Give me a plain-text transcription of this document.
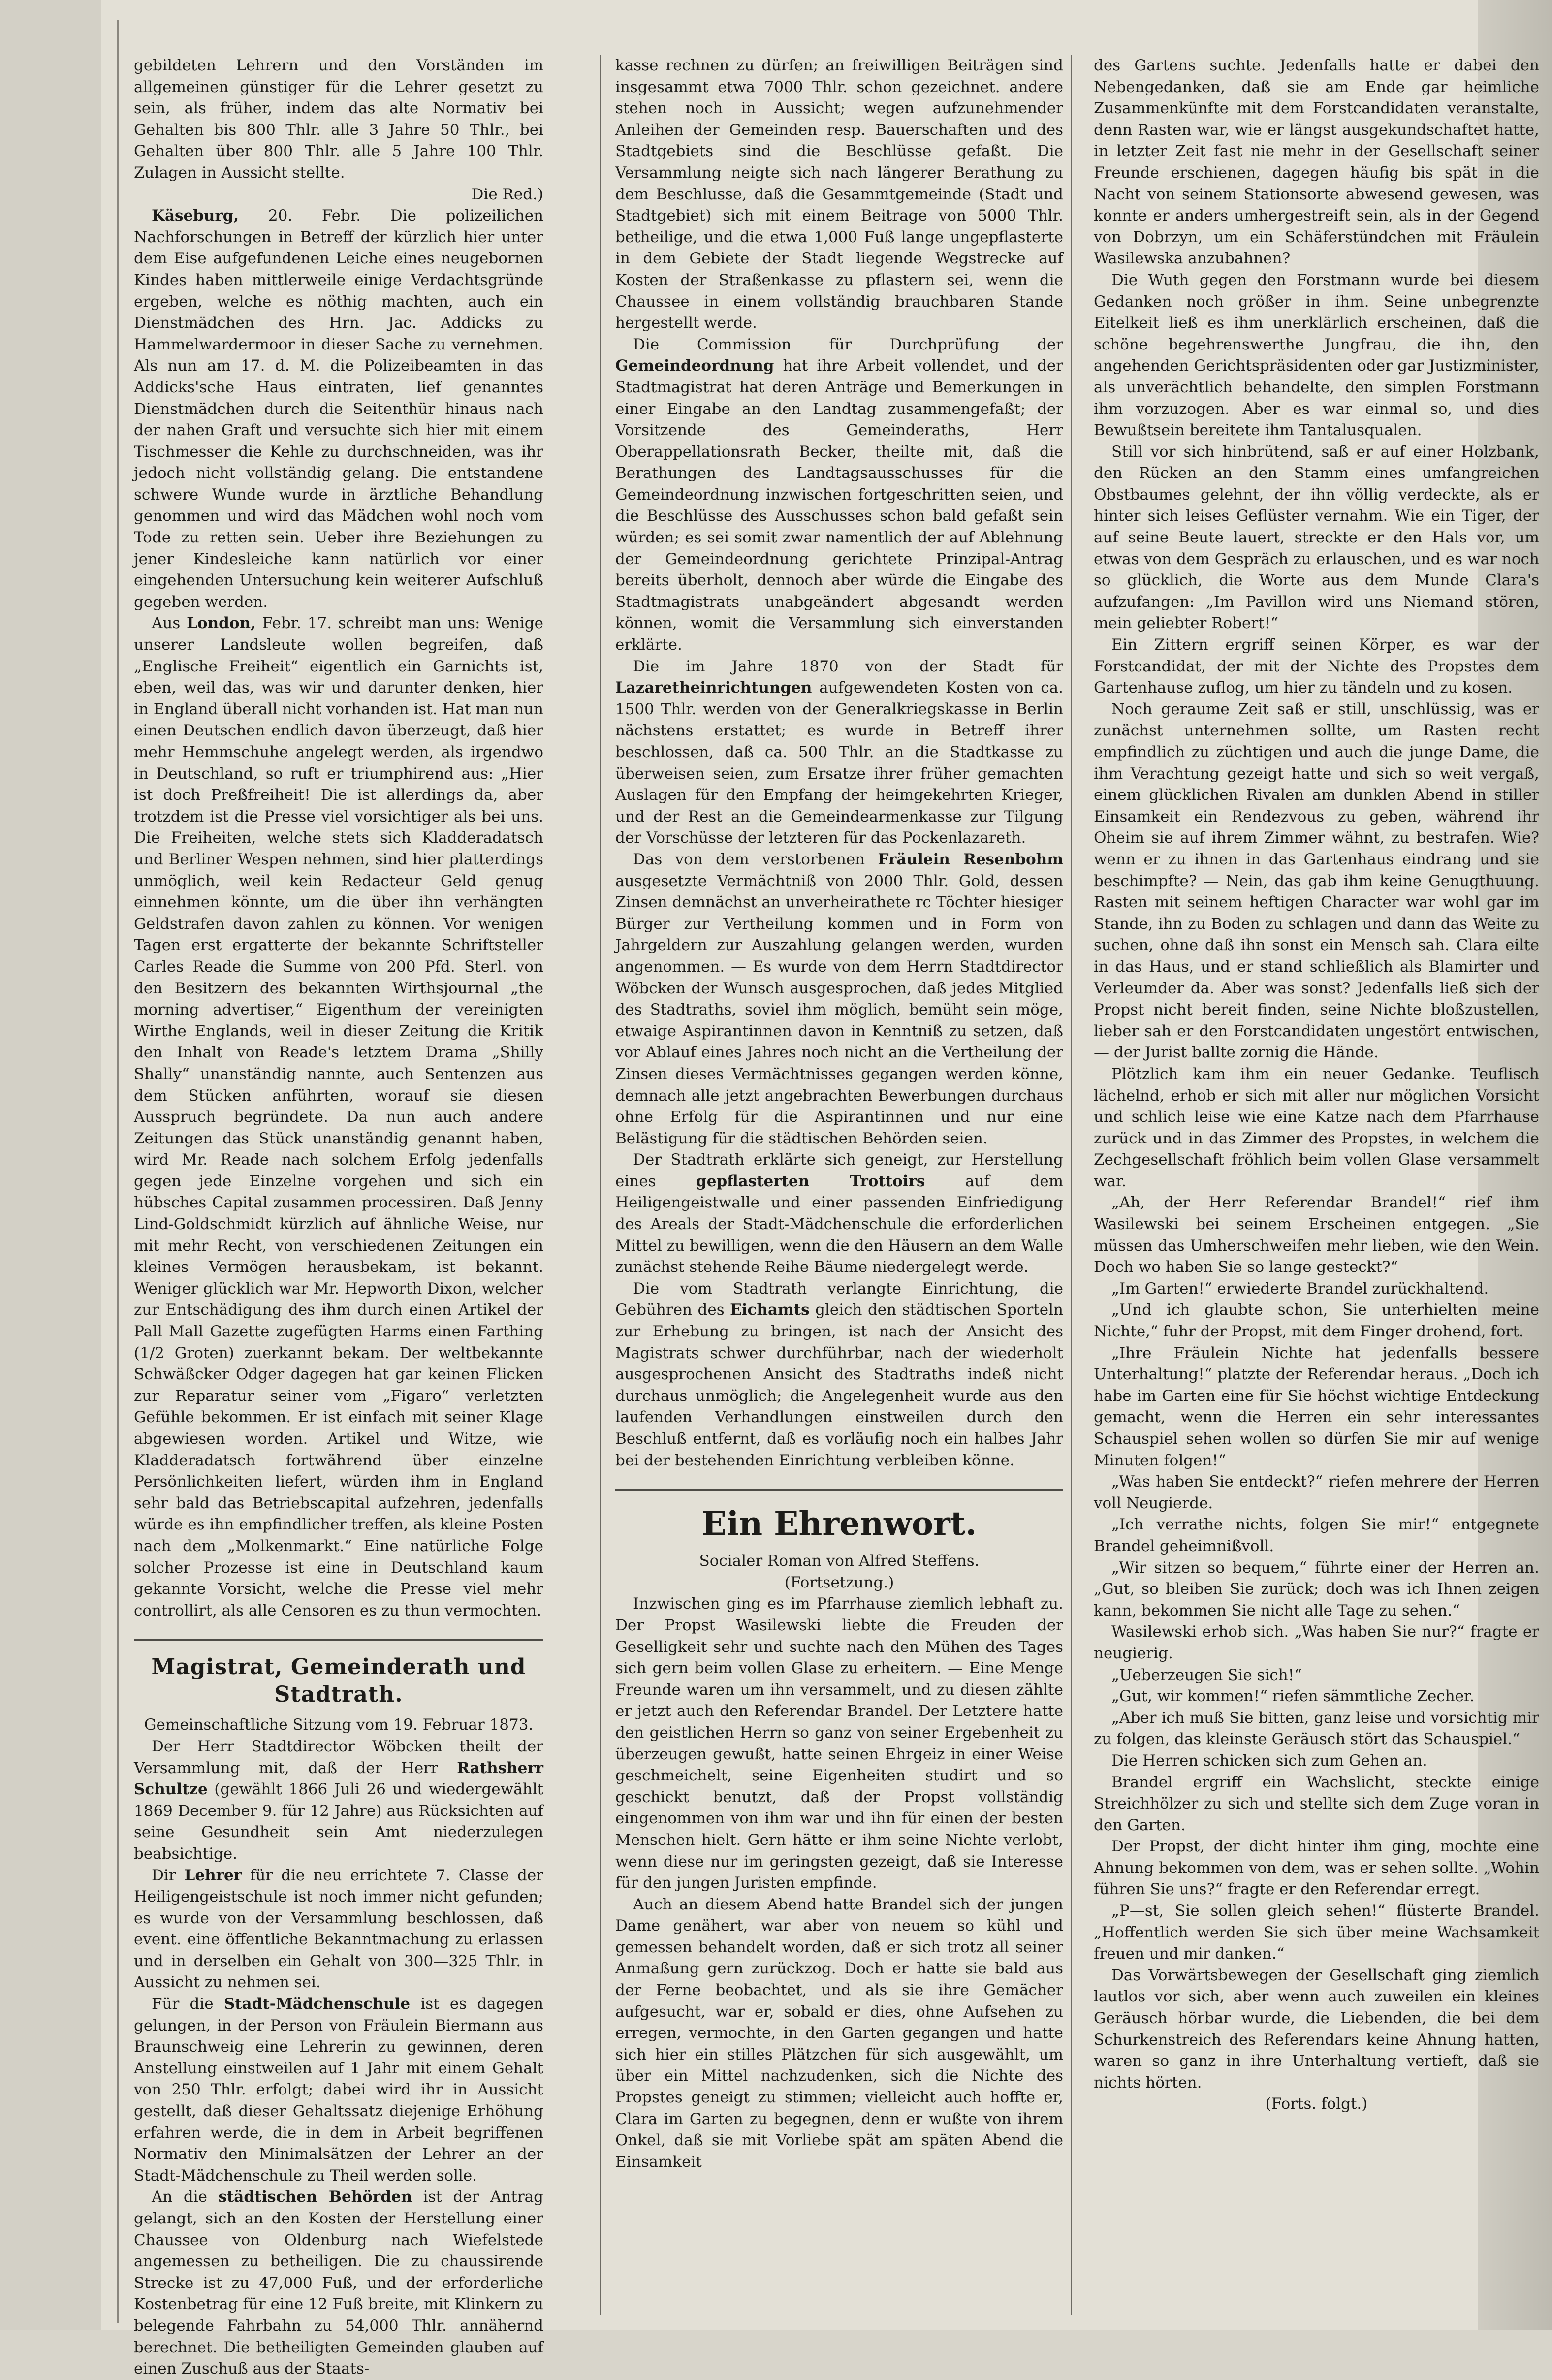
gebildeten Lehrern und den Vorständen im allgemeinen günstiger für die Lehrer gesetzt zu sein, als früher, indem das alte Normativ bei Gehalten bis 800 Thlr. alle 3 Jahre 50 Thlr., bei Gehalten über 800 Thlr. alle 5 Jahre 100 Thlr. Zulagen in Aussicht stellte.

Die Red.)

Käseburg, 20. Febr. Die polizeilichen Nachforschungen in Betreff der kürzlich hier unter dem Eise aufgefundenen Leiche eines neugebornen Kindes haben mittlerweile einige Verdachtsgründe ergeben, welche es nöthig machten, auch ein Dienstmädchen des Hrn. Jac. Addicks zu Hammelwardermoor in dieser Sache zu vernehmen. Als nun am 17. d. M. die Polizeibeamten in das Addicks'sche Haus eintraten, lief genanntes Dienstmädchen durch die Seitenthür hinaus nach der nahen Graft und versuchte sich hier mit einem Tischmesser die Kehle zu durchschneiden, was ihr jedoch nicht vollständig gelang. Die entstandene schwere Wunde wurde in ärztliche Behandlung genommen und wird das Mädchen wohl noch vom Tode zu retten sein. Ueber ihre Beziehungen zu jener Kindesleiche kann natürlich vor einer eingehenden Untersuchung kein weiterer Aufschluß gegeben werden.

Aus London, Febr. 17. schreibt man uns: Wenige unserer Landsleute wollen begreifen, daß „Englische Freiheit“ eigentlich ein Garnichts ist, eben, weil das, was wir und darunter denken, hier in England überall nicht vorhanden ist. Hat man nun einen Deutschen endlich davon überzeugt, daß hier mehr Hemmschuhe angelegt werden, als irgendwo in Deutschland, so ruft er triumphirend aus: „Hier ist doch Preßfreiheit! Die ist allerdings da, aber trotzdem ist die Presse viel vorsichtiger als bei uns. Die Freiheiten, welche stets sich Kladderadatsch und Berliner Wespen nehmen, sind hier platterdings unmöglich, weil kein Redacteur Geld genug einnehmen könnte, um die über ihn verhängten Geldstrafen davon zahlen zu können. Vor wenigen Tagen erst ergatterte der bekannte Schriftsteller Carles Reade die Summe von 200 Pfd. Sterl. von den Besitzern des bekannten Wirthsjournal „the morning advertiser,“ Eigenthum der vereinigten Wirthe Englands, weil in dieser Zeitung die Kritik den Inhalt von Reade's letztem Drama „Shilly Shally“ unanständig nannte, auch Sentenzen aus dem Stücken anführten, worauf sie diesen Ausspruch begründete. Da nun auch andere Zeitungen das Stück unanständig genannt haben, wird Mr. Reade nach solchem Erfolg jedenfalls gegen jede Einzelne vorgehen und sich ein hübsches Capital zusammen processiren. Daß Jenny Lind-Goldschmidt kürzlich auf ähnliche Weise, nur mit mehr Recht, von verschiedenen Zeitungen ein kleines Vermögen herausbekam, ist bekannt. Weniger glücklich war Mr. Hepworth Dixon, welcher zur Entschädigung des ihm durch einen Artikel der Pall Mall Gazette zugefügten Harms einen Farthing (1/2 Groten) zuerkannt bekam. Der weltbekannte Schwäßcker Odger dagegen hat gar keinen Flicken zur Reparatur seiner vom „Figaro“ verletzten Gefühle bekommen. Er ist einfach mit seiner Klage abgewiesen worden. Artikel und Witze, wie Kladderadatsch fortwährend über einzelne Persönlichkeiten liefert, würden ihm in England sehr bald das Betriebscapital aufzehren, jedenfalls würde es ihn empfindlicher treffen, als kleine Posten nach dem „Molkenmarkt.“ Eine natürliche Folge solcher Prozesse ist eine in Deutschland kaum gekannte Vorsicht, welche die Presse viel mehr controllirt, als alle Censoren es zu thun vermochten.

Magistrat, Gemeinderath und Stadtrath.

Gemeinschaftliche Sitzung vom 19. Februar 1873.

Der Herr Stadtdirector Wöbcken theilt der Versammlung mit, daß der Herr Rathsherr Schultze (gewählt 1866 Juli 26 und wiedergewählt 1869 December 9. für 12 Jahre) aus Rücksichten auf seine Gesundheit sein Amt niederzulegen beabsichtige.

Dir Lehrer für die neu errichtete 7. Classe der Heiligengeistschule ist noch immer nicht gefunden; es wurde von der Versammlung beschlossen, daß event. eine öffentliche Bekanntmachung zu erlassen und in derselben ein Gehalt von 300—325 Thlr. in Aussicht zu nehmen sei.

Für die Stadt-Mädchenschule ist es dagegen gelungen, in der Person von Fräulein Biermann aus Braunschweig eine Lehrerin zu gewinnen, deren Anstellung einstweilen auf 1 Jahr mit einem Gehalt von 250 Thlr. erfolgt; dabei wird ihr in Aussicht gestellt, daß dieser Gehaltssatz diejenige Erhöhung erfahren werde, die in dem in Arbeit begriffenen Normativ den Minimalsätzen der Lehrer an der Stadt-Mädchenschule zu Theil werden solle.

An die städtischen Behörden ist der Antrag gelangt, sich an den Kosten der Herstellung einer Chaussee von Oldenburg nach Wiefelstede angemessen zu betheiligen. Die zu chaussirende Strecke ist zu 47,000 Fuß, und der erforderliche Kostenbetrag für eine 12 Fuß breite, mit Klinkern zu belegende Fahrbahn zu 54,000 Thlr. annähernd berechnet. Die betheiligten Gemeinden glauben auf einen Zuschuß aus der Staats-

kasse rechnen zu dürfen; an freiwilligen Beiträgen sind insgesammt etwa 7000 Thlr. schon gezeichnet. andere stehen noch in Aussicht; wegen aufzunehmender Anleihen der Gemeinden resp. Bauerschaften und des Stadtgebiets sind die Beschlüsse gefaßt. Die Versammlung neigte sich nach längerer Berathung zu dem Beschlusse, daß die Gesammtgemeinde (Stadt und Stadtgebiet) sich mit einem Beitrage von 5000 Thlr. betheilige, und die etwa 1,000 Fuß lange ungepflasterte in dem Gebiete der Stadt liegende Wegstrecke auf Kosten der Straßenkasse zu pflastern sei, wenn die Chaussee in einem vollständig brauchbaren Stande hergestellt werde.

Die Commission für Durchprüfung der Gemeindeordnung hat ihre Arbeit vollendet, und der Stadtmagistrat hat deren Anträge und Bemerkungen in einer Eingabe an den Landtag zusammengefaßt; der Vorsitzende des Gemeinderaths, Herr Oberappellationsrath Becker, theilte mit, daß die Berathungen des Landtagsausschusses für die Gemeindeordnung inzwischen fortgeschritten seien, und die Beschlüsse des Ausschusses schon bald gefaßt sein würden; es sei somit zwar namentlich der auf Ablehnung der Gemeindeordnung gerichtete Prinzipal-Antrag bereits überholt, dennoch aber würde die Eingabe des Stadtmagistrats unabgeändert abgesandt werden können, womit die Versammlung sich einverstanden erklärte.

Die im Jahre 1870 von der Stadt für Lazaretheinrichtungen aufgewendeten Kosten von ca. 1500 Thlr. werden von der Generalkriegskasse in Berlin nächstens erstattet; es wurde in Betreff ihrer beschlossen, daß ca. 500 Thlr. an die Stadtkasse zu überweisen seien, zum Ersatze ihrer früher gemachten Auslagen für den Empfang der heimgekehrten Krieger, und der Rest an die Gemeindearmenkasse zur Tilgung der Vorschüsse der letzteren für das Pockenlazareth.

Das von dem verstorbenen Fräulein Resenbohm ausgesetzte Vermächtniß von 2000 Thlr. Gold, dessen Zinsen demnächst an unverheirathete rc Töchter hiesiger Bürger zur Vertheilung kommen und in Form von Jahrgeldern zur Auszahlung gelangen werden, wurden angenommen. — Es wurde von dem Herrn Stadtdirector Wöbcken der Wunsch ausgesprochen, daß jedes Mitglied des Stadtraths, soviel ihm möglich, bemüht sein möge, etwaige Aspirantinnen davon in Kenntniß zu setzen, daß vor Ablauf eines Jahres noch nicht an die Vertheilung der Zinsen dieses Vermächtnisses gegangen werden könne, demnach alle jetzt angebrachten Bewerbungen durchaus ohne Erfolg für die Aspirantinnen und nur eine Belästigung für die städtischen Behörden seien.

Der Stadtrath erklärte sich geneigt, zur Herstellung eines gepflasterten Trottoirs auf dem Heiligengeistwalle und einer passenden Einfriedigung des Areals der Stadt-Mädchenschule die erforderlichen Mittel zu bewilligen, wenn die den Häusern an dem Walle zunächst stehende Reihe Bäume niedergelegt werde.

Die vom Stadtrath verlangte Einrichtung, die Gebühren des Eichamts gleich den städtischen Sporteln zur Erhebung zu bringen, ist nach der Ansicht des Magistrats schwer durchführbar, nach der wiederholt ausgesprochenen Ansicht des Stadtraths indeß nicht durchaus unmöglich; die Angelegenheit wurde aus den laufenden Verhandlungen einstweilen durch den Beschluß entfernt, daß es vorläufig noch ein halbes Jahr bei der bestehenden Einrichtung verbleiben könne.

Ein Ehrenwort.

Socialer Roman von Alfred Steffens.

(Fortsetzung.)

Inzwischen ging es im Pfarrhause ziemlich lebhaft zu. Der Propst Wasilewski liebte die Freuden der Geselligkeit sehr und suchte nach den Mühen des Tages sich gern beim vollen Glase zu erheitern. — Eine Menge Freunde waren um ihn versammelt, und zu diesen zählte er jetzt auch den Referendar Brandel. Der Letztere hatte den geistlichen Herrn so ganz von seiner Ergebenheit zu überzeugen gewußt, hatte seinen Ehrgeiz in einer Weise geschmeichelt, seine Eigenheiten studirt und so geschickt benutzt, daß der Propst vollständig eingenommen von ihm war und ihn für einen der besten Menschen hielt. Gern hätte er ihm seine Nichte verlobt, wenn diese nur im geringsten gezeigt, daß sie Interesse für den jungen Juristen empfinde.

Auch an diesem Abend hatte Brandel sich der jungen Dame genähert, war aber von neuem so kühl und gemessen behandelt worden, daß er sich trotz all seiner Anmaßung gern zurückzog. Doch er hatte sie bald aus der Ferne beobachtet, und als sie ihre Gemächer aufgesucht, war er, sobald er dies, ohne Aufsehen zu erregen, vermochte, in den Garten gegangen und hatte sich hier ein stilles Plätzchen für sich ausgewählt, um über ein Mittel nachzudenken, sich die Nichte des Propstes geneigt zu stimmen; vielleicht auch hoffte er, Clara im Garten zu begegnen, denn er wußte von ihrem Onkel, daß sie mit Vorliebe spät am späten Abend die Einsamkeit

des Gartens suchte. Jedenfalls hatte er dabei den Nebengedanken, daß sie am Ende gar heimliche Zusammenkünfte mit dem Forstcandidaten veranstalte, denn Rasten war, wie er längst ausgekundschaftet hatte, in letzter Zeit fast nie mehr in der Gesellschaft seiner Freunde erschienen, dagegen häufig bis spät in die Nacht von seinem Stationsorte abwesend gewesen, was konnte er anders umhergestreift sein, als in der Gegend von Dobrzyn, um ein Schäferstündchen mit Fräulein Wasilewska anzubahnen?

Die Wuth gegen den Forstmann wurde bei diesem Gedanken noch größer in ihm. Seine unbegrenzte Eitelkeit ließ es ihm unerklärlich erscheinen, daß die schöne begehrenswerthe Jungfrau, die ihn, den angehenden Gerichtspräsidenten oder gar Justizminister, als unverächtlich behandelte, den simplen Forstmann ihm vorzuzogen. Aber es war einmal so, und dies Bewußtsein bereitete ihm Tantalusqualen.

Still vor sich hinbrütend, saß er auf einer Holzbank, den Rücken an den Stamm eines umfangreichen Obstbaumes gelehnt, der ihn völlig verdeckte, als er hinter sich leises Geflüster vernahm. Wie ein Tiger, der auf seine Beute lauert, streckte er den Hals vor, um etwas von dem Gespräch zu erlauschen, und es war noch so glücklich, die Worte aus dem Munde Clara's aufzufangen: „Im Pavillon wird uns Niemand stören, mein geliebter Robert!“

Ein Zittern ergriff seinen Körper, es war der Forstcandidat, der mit der Nichte des Propstes dem Gartenhause zuflog, um hier zu tändeln und zu kosen.

Noch geraume Zeit saß er still, unschlüssig, was er zunächst unternehmen sollte, um Rasten recht empfindlich zu züchtigen und auch die junge Dame, die ihm Verachtung gezeigt hatte und sich so weit vergaß, einem glücklichen Rivalen am dunklen Abend in stiller Einsamkeit ein Rendezvous zu geben, während ihr Oheim sie auf ihrem Zimmer wähnt, zu bestrafen. Wie? wenn er zu ihnen in das Gartenhaus eindrang und sie beschimpfte? — Nein, das gab ihm keine Genugthuung. Rasten mit seinem heftigen Character war wohl gar im Stande, ihn zu Boden zu schlagen und dann das Weite zu suchen, ohne daß ihn sonst ein Mensch sah. Clara eilte in das Haus, und er stand schließlich als Blamirter und Verleumder da. Aber was sonst? Jedenfalls ließ sich der Propst nicht bereit finden, seine Nichte bloßzustellen, lieber sah er den Forstcandidaten ungestört entwischen, — der Jurist ballte zornig die Hände.

Plötzlich kam ihm ein neuer Gedanke. Teuflisch lächelnd, erhob er sich mit aller nur möglichen Vorsicht und schlich leise wie eine Katze nach dem Pfarrhause zurück und in das Zimmer des Propstes, in welchem die Zechgesellschaft fröhlich beim vollen Glase versammelt war.

„Ah, der Herr Referendar Brandel!“ rief ihm Wasilewski bei seinem Erscheinen entgegen. „Sie müssen das Umherschweifen mehr lieben, wie den Wein. Doch wo haben Sie so lange gesteckt?“

„Im Garten!“ erwiederte Brandel zurückhaltend.

„Und ich glaubte schon, Sie unterhielten meine Nichte,“ fuhr der Propst, mit dem Finger drohend, fort.

„Ihre Fräulein Nichte hat jedenfalls bessere Unterhaltung!“ platzte der Referendar heraus. „Doch ich habe im Garten eine für Sie höchst wichtige Entdeckung gemacht, wenn die Herren ein sehr interessantes Schauspiel sehen wollen so dürfen Sie mir auf wenige Minuten folgen!“

„Was haben Sie entdeckt?“ riefen mehrere der Herren voll Neugierde.

„Ich verrathe nichts, folgen Sie mir!“ entgegnete Brandel geheimnißvoll.

„Wir sitzen so bequem,“ führte einer der Herren an. „Gut, so bleiben Sie zurück; doch was ich Ihnen zeigen kann, bekommen Sie nicht alle Tage zu sehen.“

Wasilewski erhob sich. „Was haben Sie nur?“ fragte er neugierig.

„Ueberzeugen Sie sich!“

„Gut, wir kommen!“ riefen sämmtliche Zecher.

„Aber ich muß Sie bitten, ganz leise und vorsichtig mir zu folgen, das kleinste Geräusch stört das Schauspiel.“

Die Herren schicken sich zum Gehen an.

Brandel ergriff ein Wachslicht, steckte einige Streichhölzer zu sich und stellte sich dem Zuge voran in den Garten.

Der Propst, der dicht hinter ihm ging, mochte eine Ahnung bekommen von dem, was er sehen sollte. „Wohin führen Sie uns?“ fragte er den Referendar erregt.

„P—st, Sie sollen gleich sehen!“ flüsterte Brandel. „Hoffentlich werden Sie sich über meine Wachsamkeit freuen und mir danken.“

Das Vorwärtsbewegen der Gesellschaft ging ziemlich lautlos vor sich, aber wenn auch zuweilen ein kleines Geräusch hörbar wurde, die Liebenden, die bei dem Schurkenstreich des Referendars keine Ahnung hatten, waren so ganz in ihre Unterhaltung vertieft, daß sie nichts hörten.

(Forts. folgt.)
